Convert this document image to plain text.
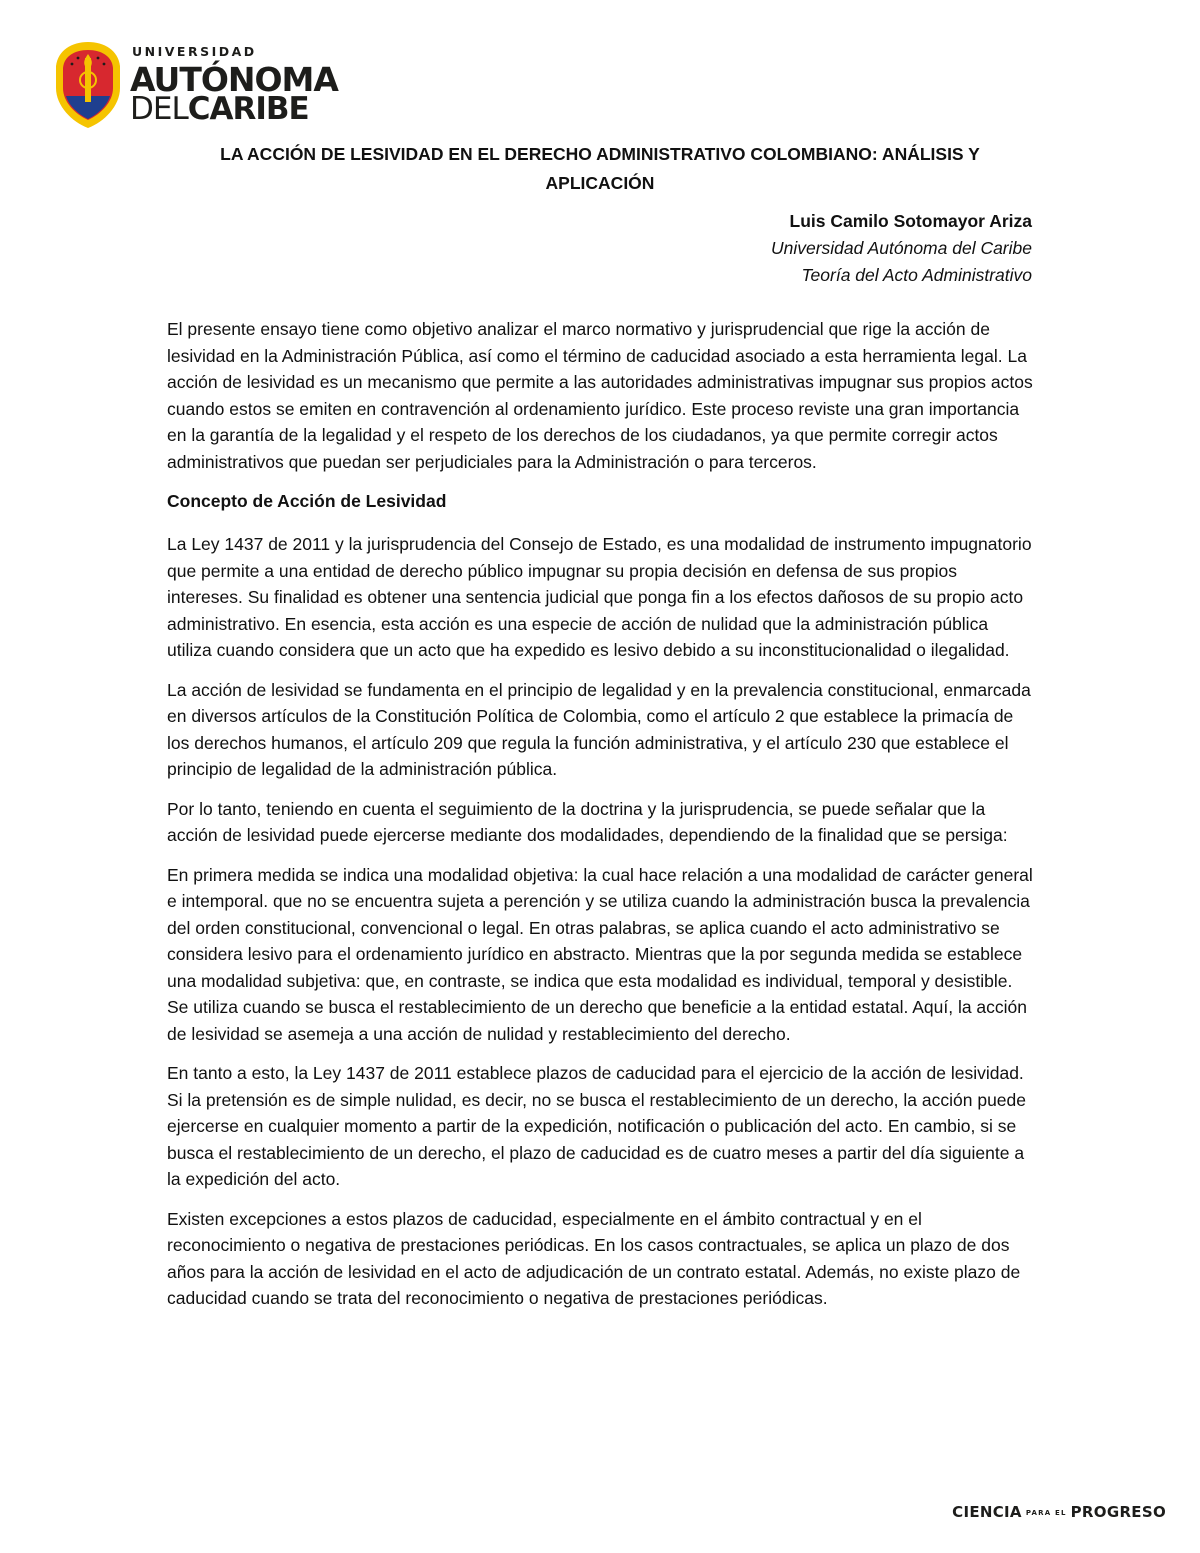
UNIVERSIDAD
AUTÓNOMA
DELCARIBE
LA ACCIÓN DE LESIVIDAD EN EL DERECHO ADMINISTRATIVO COLOMBIANO: ANÁLISIS Y
APLICACIÓN
Luis Camilo Sotomayor Ariza
Universidad Autónoma del Caribe
Teoría del Acto Administrativo

El presente ensayo tiene como objetivo analizar el marco normativo y jurisprudencial que rige la acción de lesividad en la Administración Pública, así como el término de caducidad asociado a esta herramienta legal. La acción de lesividad es un mecanismo que permite a las autoridades administrativas impugnar sus propios actos cuando estos se emiten en contravención al ordenamiento jurídico. Este proceso reviste una gran importancia en la garantía de la legalidad y el respeto de los derechos de los ciudadanos, ya que permite corregir actos administrativos que puedan ser perjudiciales para la Administración o para terceros.

Concepto de Acción de Lesividad

La Ley 1437 de 2011 y la jurisprudencia del Consejo de Estado, es una modalidad de instrumento impugnatorio que permite a una entidad de derecho público impugnar su propia decisión en defensa de sus propios intereses. Su finalidad es obtener una sentencia judicial que ponga fin a los efectos dañosos de su propio acto administrativo. En esencia, esta acción es una especie de acción de nulidad que la administración pública utiliza cuando considera que un acto que ha expedido es lesivo debido a su inconstitucionalidad o ilegalidad.

La acción de lesividad se fundamenta en el principio de legalidad y en la prevalencia constitucional, enmarcada en diversos artículos de la Constitución Política de Colombia, como el artículo 2 que establece la primacía de los derechos humanos, el artículo 209 que regula la función administrativa, y el artículo 230 que establece el principio de legalidad de la administración pública.

Por lo tanto, teniendo en cuenta el seguimiento de la doctrina y la jurisprudencia, se puede señalar que la acción de lesividad puede ejercerse mediante dos modalidades, dependiendo de la finalidad que se persiga:

En primera medida se indica una modalidad objetiva: la cual hace relación a una modalidad de carácter general e intemporal. que no se encuentra sujeta a perención y se utiliza cuando la administración busca la prevalencia del orden constitucional, convencional o legal. En otras palabras, se aplica cuando el acto administrativo se considera lesivo para el ordenamiento jurídico en abstracto. Mientras que la por segunda medida se establece una modalidad subjetiva: que, en contraste, se indica que esta modalidad es individual, temporal y desistible. Se utiliza cuando se busca el restablecimiento de un derecho que beneficie a la entidad estatal. Aquí, la acción de lesividad se asemeja a una acción de nulidad y restablecimiento del derecho.

En tanto a esto, la Ley 1437 de 2011 establece plazos de caducidad para el ejercicio de la acción de lesividad. Si la pretensión es de simple nulidad, es decir, no se busca el restablecimiento de un derecho, la acción puede ejercerse en cualquier momento a partir de la expedición, notificación o publicación del acto. En cambio, si se busca el restablecimiento de un derecho, el plazo de caducidad es de cuatro meses a partir del día siguiente a la expedición del acto.

Existen excepciones a estos plazos de caducidad, especialmente en el ámbito contractual y en el reconocimiento o negativa de prestaciones periódicas. En los casos contractuales, se aplica un plazo de dos años para la acción de lesividad en el acto de adjudicación de un contrato estatal. Además, no existe plazo de caducidad cuando se trata del reconocimiento o negativa de prestaciones periódicas.

CIENCIA PARA EL PROGRESO
